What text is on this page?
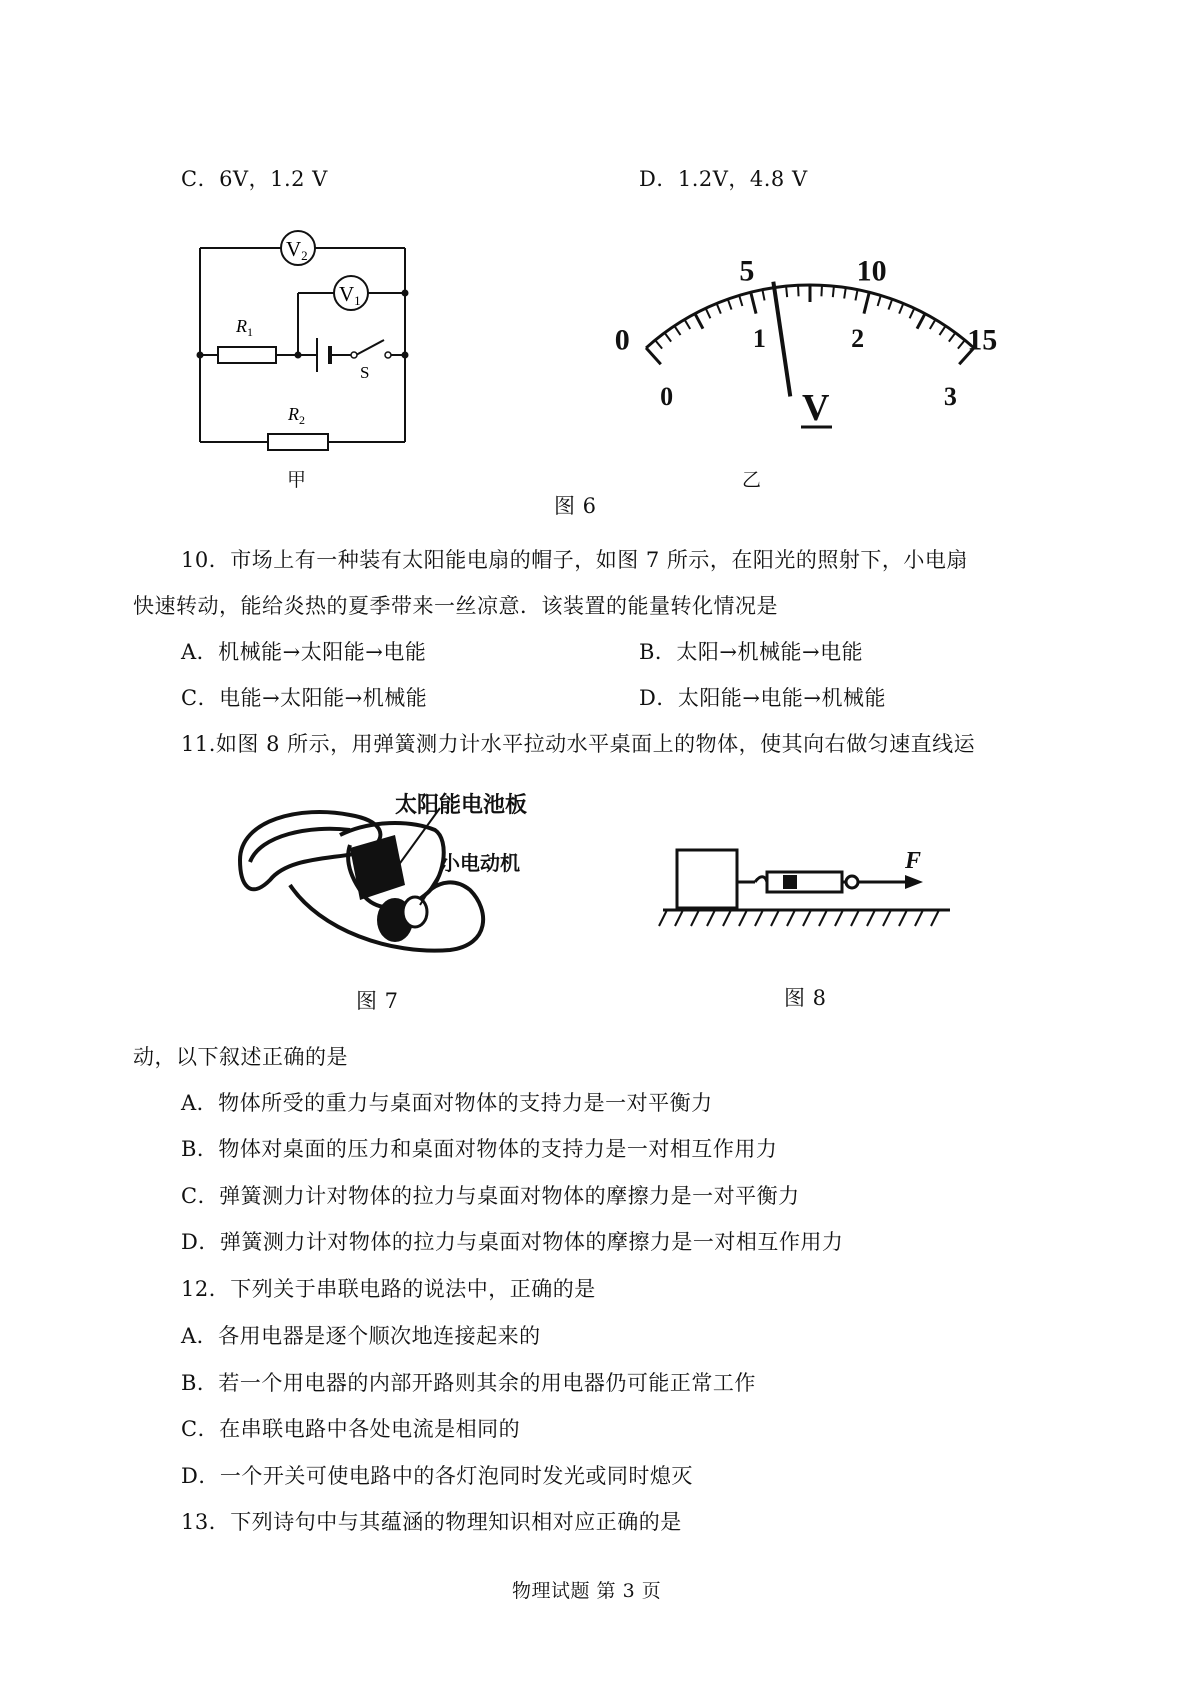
C．6V，1.2 V	D．1.2V，4.8 V
V2
V1
$R_1$
$R_2$
S
甲
0
5	10
15
0
1	2
3
V
乙
图 6
10．市场上有一种装有太阳能电扇的帽子，如图 7 所示，在阳光的照射下，小电扇
快速转动，能给炎热的夏季带来一丝凉意．该装置的能量转化情况是
A．机械能→太阳能→电能	B．太阳→机械能→电能
C．电能→太阳能→机械能	D．太阳能→电能→机械能
11.如图 8 所示，用弹簧测力计水平拉动水平桌面上的物体，使其向右做匀速直线运
太阳能电池板
小电动机
图 7
F
图 8
动，以下叙述正确的是
A．物体所受的重力与桌面对物体的支持力是一对平衡力
B．物体对桌面的压力和桌面对物体的支持力是一对相互作用力
C．弹簧测力计对物体的拉力与桌面对物体的摩擦力是一对平衡力
D．弹簧测力计对物体的拉力与桌面对物体的摩擦力是一对相互作用力
12．下列关于串联电路的说法中，正确的是
A．各用电器是逐个顺次地连接起来的
B．若一个用电器的内部开路则其余的用电器仍可能正常工作
C．在串联电路中各处电流是相同的
D．一个开关可使电路中的各灯泡同时发光或同时熄灭
13．下列诗句中与其蕴涵的物理知识相对应正确的是
物理试题 第 3 页
